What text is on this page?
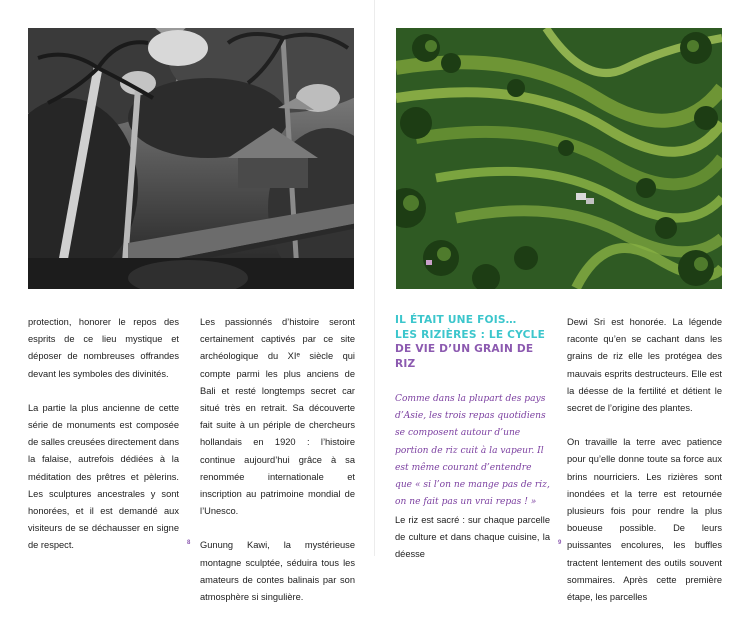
protection, honorer le repos des esprits de ce lieu mystique et déposer de nombreuses offrandes devant les symboles des divinités.

La partie la plus ancienne de cette série de monuments est composée de salles creusées directement dans la falaise, autrefois dédiées à la méditation des prêtres et pèlerins. Les sculptures ancestrales y sont honorées, et il est demandé aux visiteurs de se déchausser en signe de respect.

Les passionnés d’histoire seront certainement captivés par ce site archéologique du XIᵉ siècle qui compte parmi les plus anciens de Bali et resté longtemps secret car situé très en retrait. Sa découverte fait suite à un périple de chercheurs hollandais en 1920 : l’histoire continue aujourd’hui grâce à sa renommée internationale et inscription au patrimoine mondial de l’Unesco.

Gunung Kawi, la mystérieuse montagne sculptée, séduira tous les amateurs de contes balinais par son atmosphère si singulière.

8
IL ÉTAIT UNE FOIS…
LES RIZIÈRES : LE CYCLE
DE VIE D’UN GRAIN DE RIZ
Comme dans la plupart des pays d’Asie, les trois repas quotidiens se composent autour d’une portion de riz cuit à la vapeur. Il est même courant d’entendre que « si l’on ne mange pas de riz, on ne fait pas un vrai repas ! »

Le riz est sacré : sur chaque parcelle de culture et dans chaque cuisine, la déesse

Dewi Sri est honorée. La légende raconte qu’en se cachant dans les grains de riz elle les protégea des mauvais esprits destructeurs. Elle est la déesse de la fertilité et détient le secret de l’origine des plantes.

On travaille la terre avec patience pour qu’elle donne toute sa force aux brins nourriciers. Les rizières sont inondées et la terre est retournée plusieurs fois pour rendre la plus boueuse possible. De leurs puissantes encolures, les buffles tractent lentement des outils souvent sommaires. Après cette première étape, les parcelles

9
